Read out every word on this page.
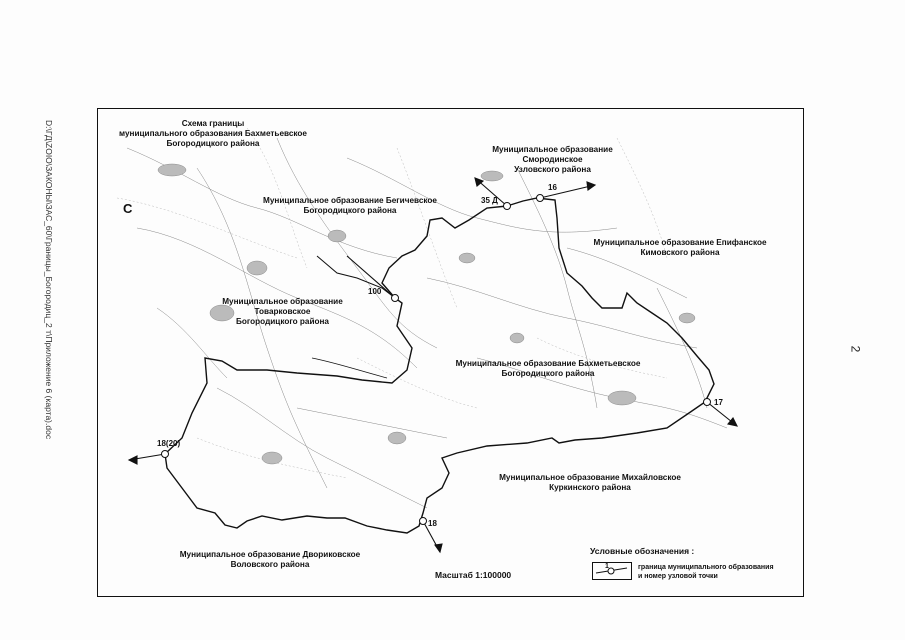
D:\ГД\ZOIO\ЗАКОНЫ\ЗАС_60\Границы_Богородиц_2 т\Приложение 6 (карта).doc	2
С
Схема границы
муниципального образования Бахметьевское
Богородицкого района
Муниципальное образование
Смородинское
Узловского района
Муниципальное образование Бегичевское
Богородицкого района
Муниципальное образование Епифанское
Кимовского района
Муниципальное образование
Товарковское
Богородицкого района
Муниципальное образование Бахметьевское
Богородицкого района
Муниципальное образование Михайловское
Куркинского района
Муниципальное образование Двориковское
Воловского района
35 Д
16
100
17
18(20)
18
Масштаб 1:100000
Условные обозначения :
1	граница муниципального образования
и номер узловой точки
